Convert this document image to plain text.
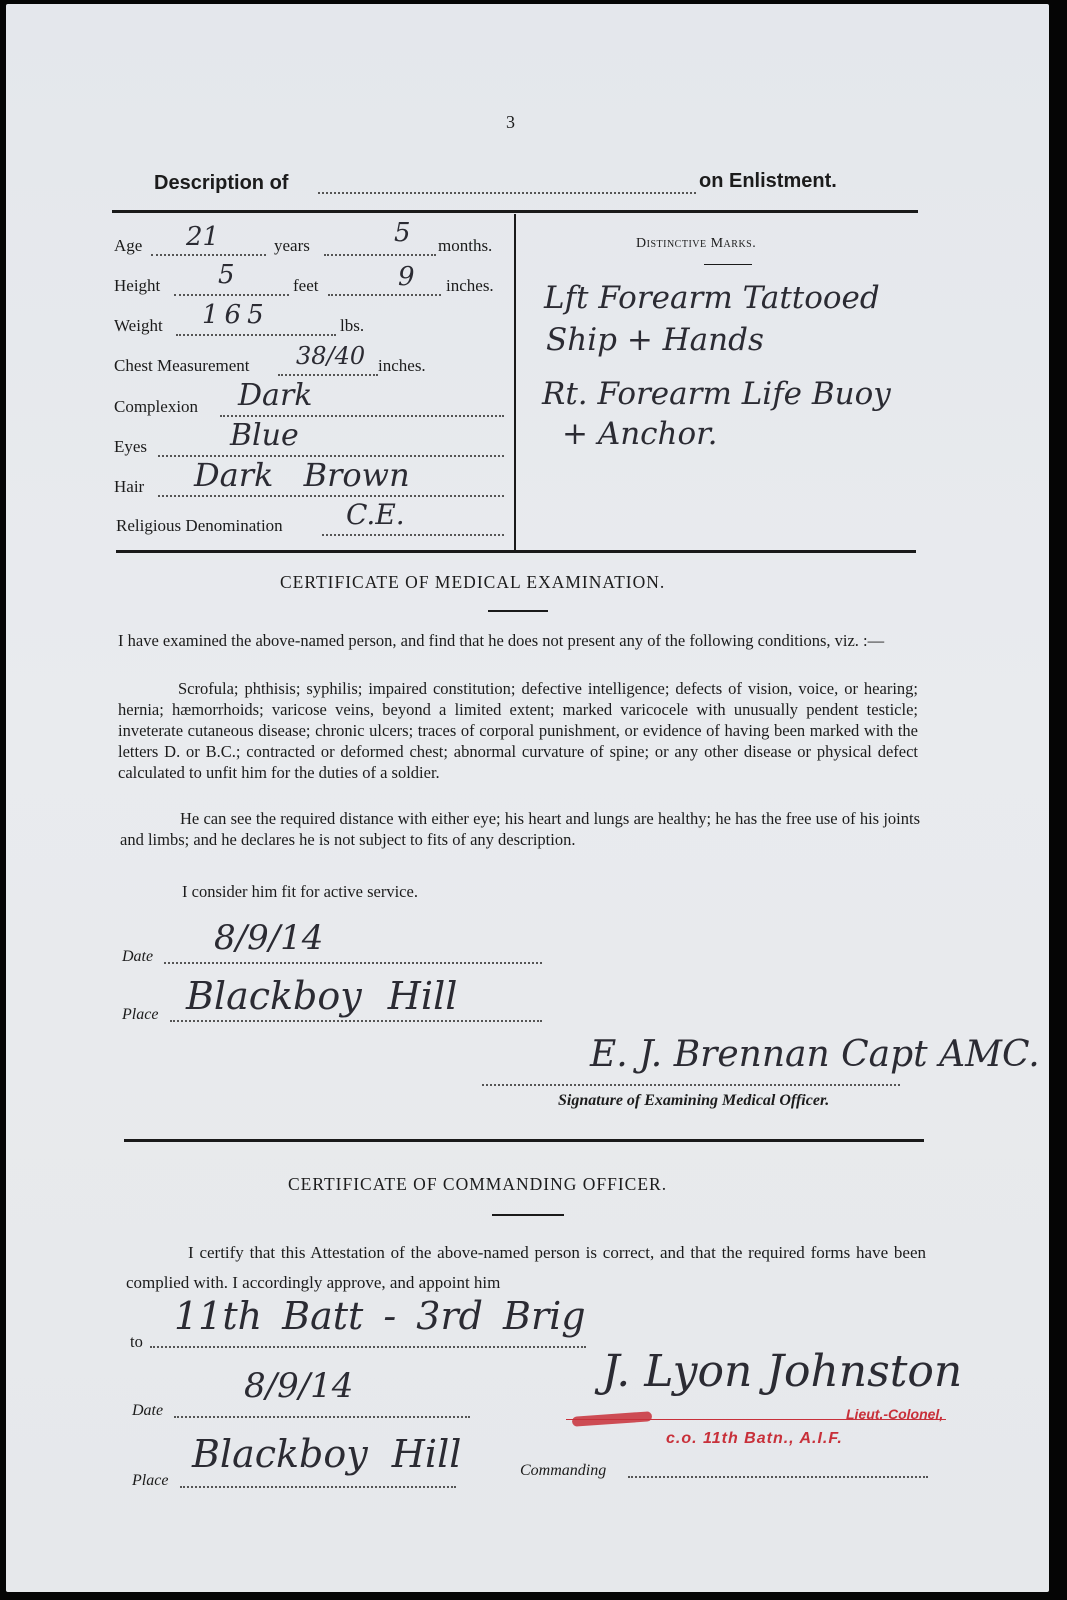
3
Description of	on Enlistment.
Age 21	years	5 months.
Height 5	feet	9 inches.
Weight 165	lbs.
Chest Measurement 38/40 inches.
Complexion Dark
Eyes	Blue
Hair Dark Brown
Religious Denomination C.E.
Distinctive Marks.
Lft Forearm Tattooed
Ship + Hands
Rt. Forearm Life Buoy
+ Anchor.
CERTIFICATE OF MEDICAL EXAMINATION.
I have examined the above-named person, and find that he does not present any of the following conditions, viz. :—
Scrofula; phthisis; syphilis; impaired constitution; defective intelligence; defects of vision, voice, or hearing; hernia; hæmorrhoids; varicose veins, beyond a limited extent; marked varicocele with unusually pendent testicle; inveterate cutaneous disease; chronic ulcers; traces of corporal punishment, or evidence of having been marked with the letters D. or B.C.; contracted or deformed chest; abnormal curvature of spine; or any other disease or physical defect calculated to unfit him for the duties of a soldier.
He can see the required distance with either eye; his heart and lungs are healthy; he has the free use of his joints and limbs; and he declares he is not subject to fits of any description.
I consider him fit for active service.
Date 8/9/14
Place Blackboy Hill
E. J. Brennan Capt AMC.
Signature of Examining Medical Officer.
CERTIFICATE OF COMMANDING OFFICER.
I certify that this Attestation of the above-named person is correct, and that the required forms have been complied with. I accordingly approve, and appoint him
to
11th Batt - 3rd Brig
Date
8/9/14
Place
Blackboy Hill
J. Lyon Johnston
Lieut.-Colonel,
c.o. 11th Batn., A.I.F.
Commanding
